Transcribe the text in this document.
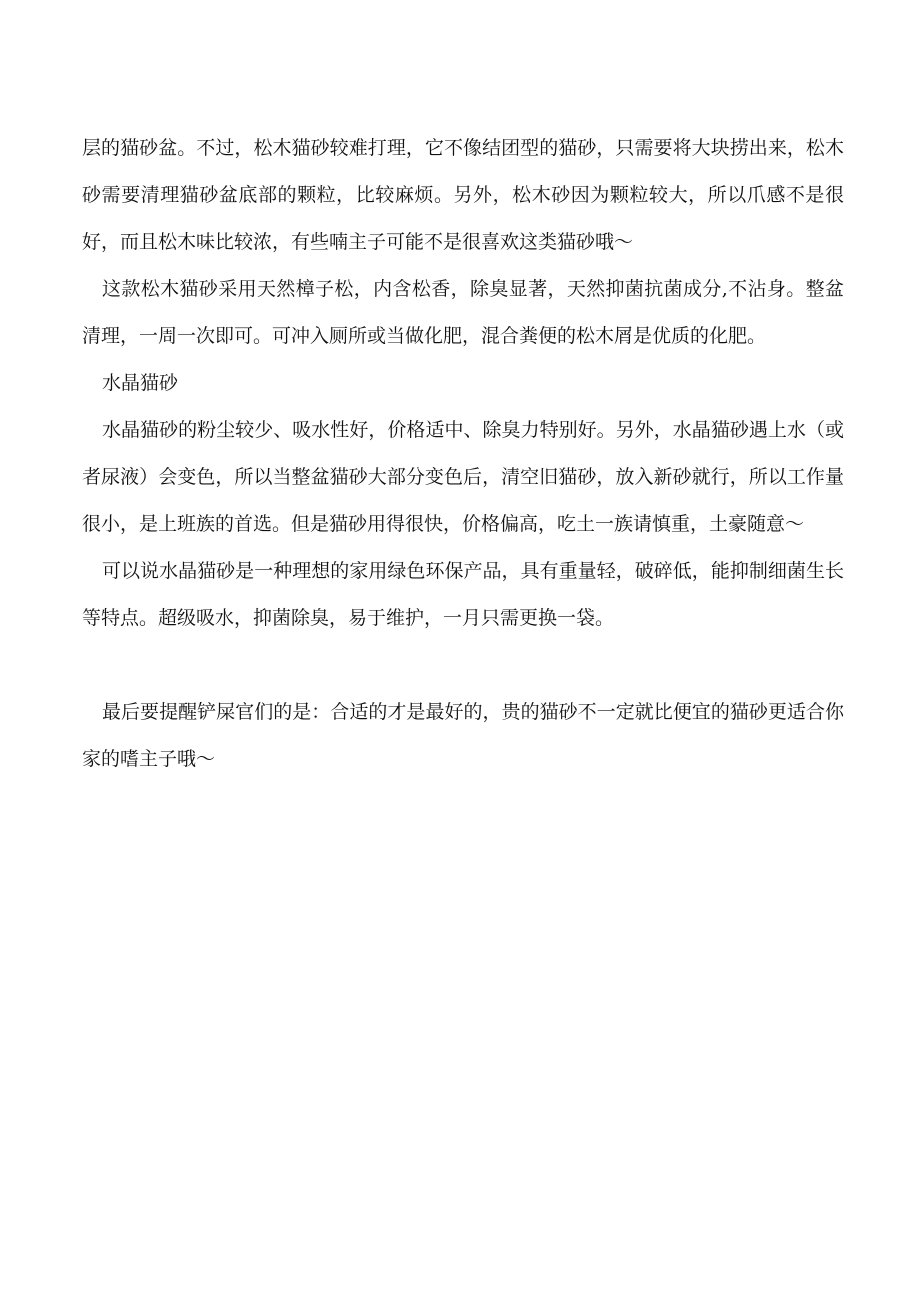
层的猫砂盆。不过，松木猫砂较难打理，它不像结团型的猫砂，只需要将大块捞出来，松木砂需要清理猫砂盆底部的颗粒，比较麻烦。另外，松木砂因为颗粒较大，所以爪感不是很好，而且松木味比较浓，有些喃主子可能不是很喜欢这类猫砂哦～

这款松木猫砂采用天然樟子松，内含松香，除臭显著，天然抑菌抗菌成分,不沾身。整盆清理，一周一次即可。可冲入厕所或当做化肥，混合粪便的松木屑是优质的化肥。

水晶猫砂

水晶猫砂的粉尘较少、吸水性好，价格适中、除臭力特别好。另外，水晶猫砂遇上水（或者尿液）会变色，所以当整盆猫砂大部分变色后，清空旧猫砂，放入新砂就行，所以工作量很小，是上班族的首选。但是猫砂用得很快，价格偏高，吃土一族请慎重，土豪随意～

可以说水晶猫砂是一种理想的家用绿色环保产品，具有重量轻，破碎低，能抑制细菌生长等特点。超级吸水，抑菌除臭，易于维护，一月只需更换一袋。

最后要提醒铲屎官们的是：合适的才是最好的，贵的猫砂不一定就比便宜的猫砂更适合你家的嗜主子哦～
